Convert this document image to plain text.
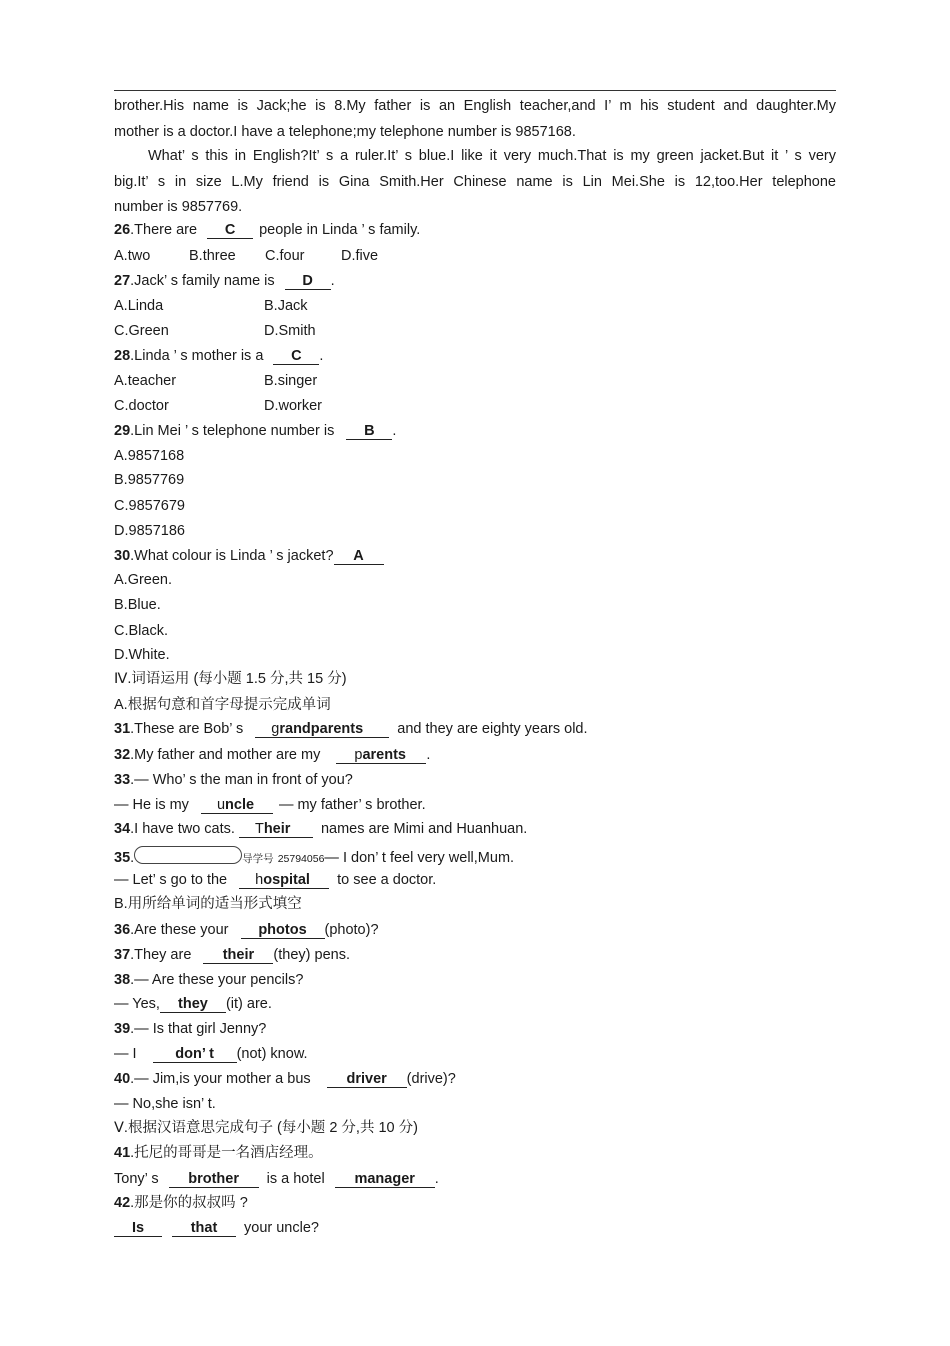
brother.His name is Jack;he is 8.My father is an English teacher,and I’ m his student and daughter.My
mother is a doctor.I have a telephone;my telephone number is 9857168.
What’ s this in English?It’ s a ruler.It’ s blue.I like it very much.That is my green jacket.But it ’ s very
big.It’ s in size L.My friend is Gina Smith.Her Chinese name is Lin Mei.She is 12,too.Her telephone
number is 9857769.
26.There are C people in Linda ’ s family.
A.two	B.three C.four	D.five
27.Jack’ s family name is D .
A.Linda	B.Jack
C.Green	D.Smith
28.Linda ’ s mother is a C .
A.teacher	B.singer
C.doctor	D.worker
29.Lin Mei ’ s telephone number is B .
A.9857168
B.9857769
C.9857679
D.9857186
30.What colour is Linda ’ s jacket? A
A.Green.
B.Blue.
C.Black.
D.White.
Ⅳ.词语运用 (每小题 1.5 分,共 15 分)
A.根据句意和首字母提示完成单词
31.These are Bob’ s grandparents and they are eighty years old.
32.My father and mother are my parents .
33.— Who’ s the man in front of you?
— He is my uncle — my father’ s brother.
34.I have two cats. Their names are Mimi and Huanhuan.
35.	导学号 25794056— I don’ t feel very well,Mum.
— Let’ s go to the hospital to see a doctor.
B.用所给单词的适当形式填空
36.Are these your photos (photo)?
37.They are their (they) pens.
38.— Are these your pencils?
— Yes, they (it) are.
39.— Is that girl Jenny?
— I	don’ t (not) know.
40.— Jim,is your mother a bus driver (drive)?
— No,she isn’ t.
Ⅴ.根据汉语意思完成句子 (每小题 2 分,共 10 分)
41.托尼的哥哥是一名酒店经理。
Tony’ s brother is a hotel manager .
42.那是你的叔叔吗 ?
Is	that your uncle?
